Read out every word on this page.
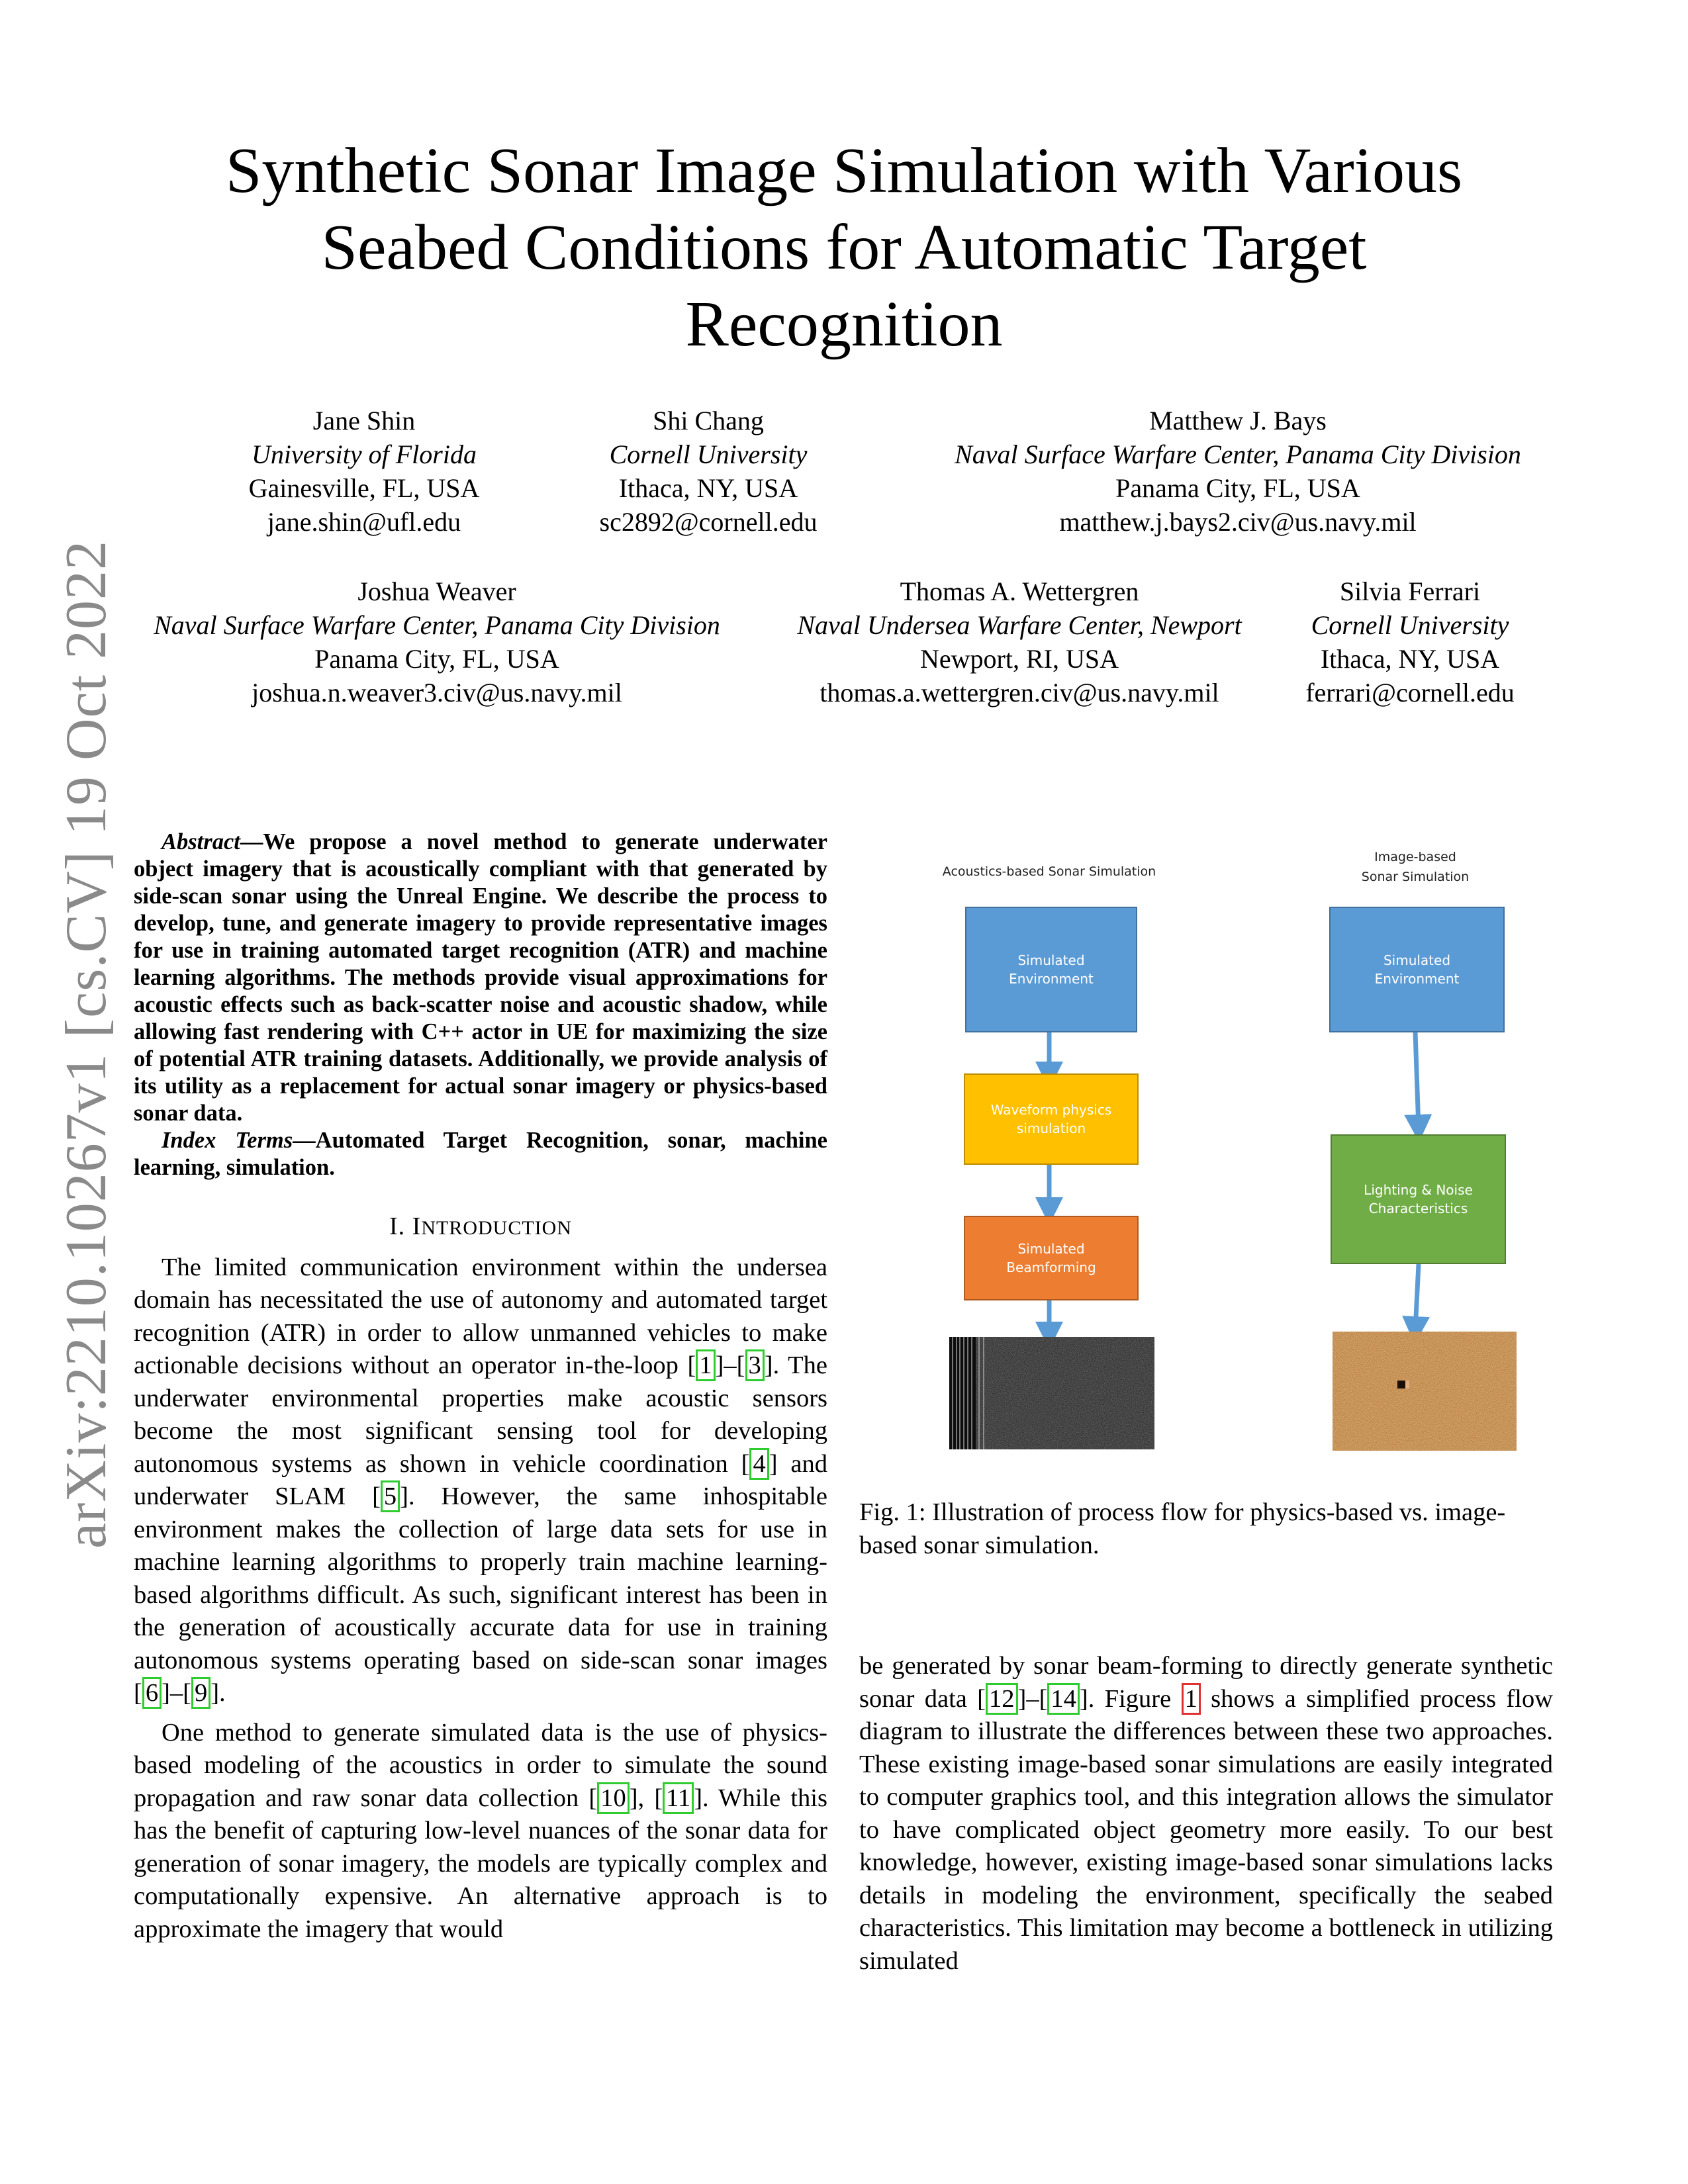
arXiv:2210.10267v1 [cs.CV] 19 Oct 2022
Synthetic Sonar Image Simulation with Various
Seabed Conditions for Automatic Target
Recognition
Jane Shin
University of Florida
Gainesville, FL, USA
jane.shin@ufl.edu
Shi Chang
Cornell University
Ithaca, NY, USA
sc2892@cornell.edu
Matthew J. Bays
Naval Surface Warfare Center, Panama City Division
Panama City, FL, USA
matthew.j.bays2.civ@us.navy.mil
Joshua Weaver
Naval Surface Warfare Center, Panama City Division
Panama City, FL, USA
joshua.n.weaver3.civ@us.navy.mil
Thomas A. Wettergren
Naval Undersea Warfare Center, Newport
Newport, RI, USA
thomas.a.wettergren.civ@us.navy.mil
Silvia Ferrari
Cornell University
Ithaca, NY, USA
ferrari@cornell.edu
Abstract—We propose a novel method to generate underwater object imagery that is acoustically compliant with that generated by side-scan sonar using the Unreal Engine. We describe the process to develop, tune, and generate imagery to provide representative images for use in training automated target recognition (ATR) and machine learning algorithms. The methods provide visual approximations for acoustic effects such as back-scatter noise and acoustic shadow, while allowing fast rendering with C++ actor in UE for maximizing the size of potential ATR training datasets. Additionally, we provide analysis of its utility as a replacement for actual sonar imagery or physics-based sonar data.
Index Terms—Automated Target Recognition, sonar, machine learning, simulation.
I. INTRODUCTION

The limited communication environment within the undersea domain has necessitated the use of autonomy and automated target recognition (ATR) in order to allow unmanned vehicles to make actionable decisions without an operator in-the-loop [ 1 ]–[ 3 ]. The underwater environmental properties make acoustic sensors become the most significant sensing tool for developing autonomous systems as shown in vehicle coordination [ 4 ] and underwater SLAM [ 5 ]. However, the same inhospitable environment makes the collection of large data sets for use in machine learning algorithms to properly train machine learning-based algorithms difficult. As such, significant interest has been in the generation of acoustically accurate data for use in training autonomous systems operating based on side-scan sonar images [ 6 ]–[ 9 ].

One method to generate simulated data is the use of physics-based modeling of the acoustics in order to simulate the sound propagation and raw sonar data collection [ 10 ], [ 11 ]. While this has the benefit of capturing low-level nuances of the sonar data for generation of sonar imagery, the models are typically complex and computationally expensive. An alternative approach is to approximate the imagery that would

Acoustics-based Sonar Simulation
Image-based
Sonar Simulation
Simulated
Environment
Waveform physics
simulation
Simulated
Beamforming
Simulated
Environment
Lighting & Noise
Characteristics
Fig. 1: Illustration of process flow for physics-based vs. image-based sonar simulation.

be generated by sonar beam-forming to directly generate synthetic sonar data [ 12 ]–[ 14 ]. Figure 1 shows a simplified process flow diagram to illustrate the differences between these two approaches. These existing image-based sonar simulations are easily integrated to computer graphics tool, and this integration allows the simulator to have complicated object geometry more easily. To our best knowledge, however, existing image-based sonar simulations lacks details in modeling the environment, specifically the seabed characteristics. This limitation may become a bottleneck in utilizing simulated
